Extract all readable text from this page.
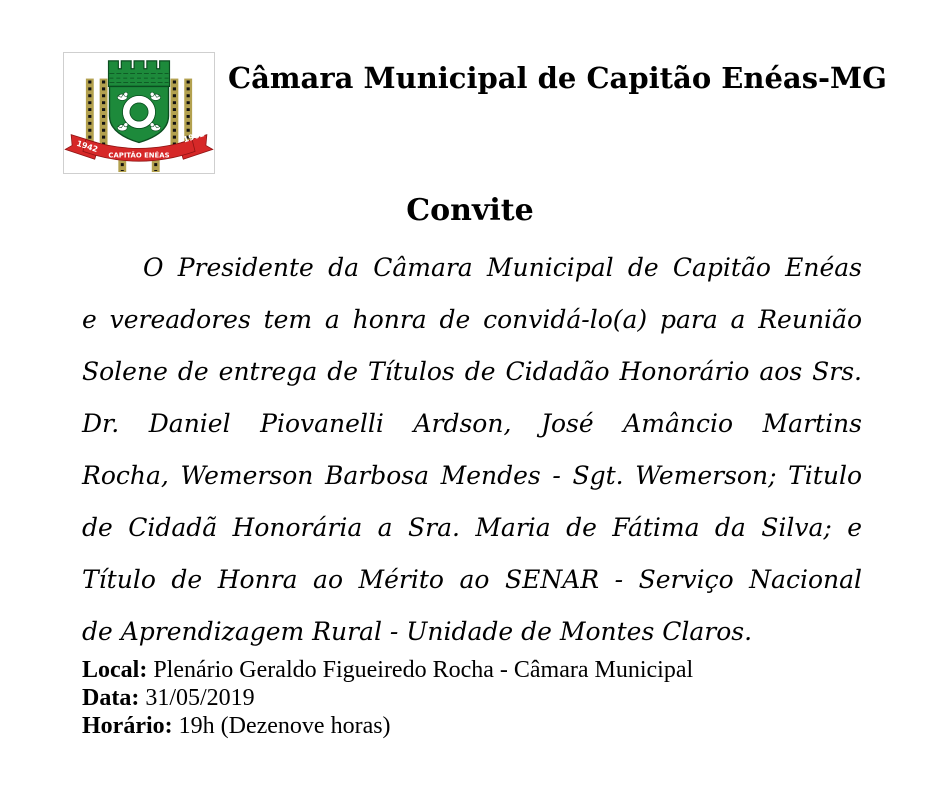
1942
CAPITÃO ENÉAS
1962
Câmara Municipal de Capitão Enéas-MG
Convite
O Presidente da Câmara Municipal de Capitão Enéas
e vereadores tem a honra de convidá-lo(a) para a Reunião
Solene de entrega de Títulos de Cidadão Honorário aos Srs.
Dr. Daniel Piovanelli Ardson, José Amâncio Martins
Rocha, Wemerson Barbosa Mendes - Sgt. Wemerson; Titulo
de Cidadã Honorária a Sra. Maria de Fátima da Silva; e
Título de Honra ao Mérito ao SENAR - Serviço Nacional
de Aprendizagem Rural - Unidade de Montes Claros.
Local: Plenário Geraldo Figueiredo Rocha - Câmara Municipal
Data: 31/05/2019
Horário: 19h (Dezenove horas)
